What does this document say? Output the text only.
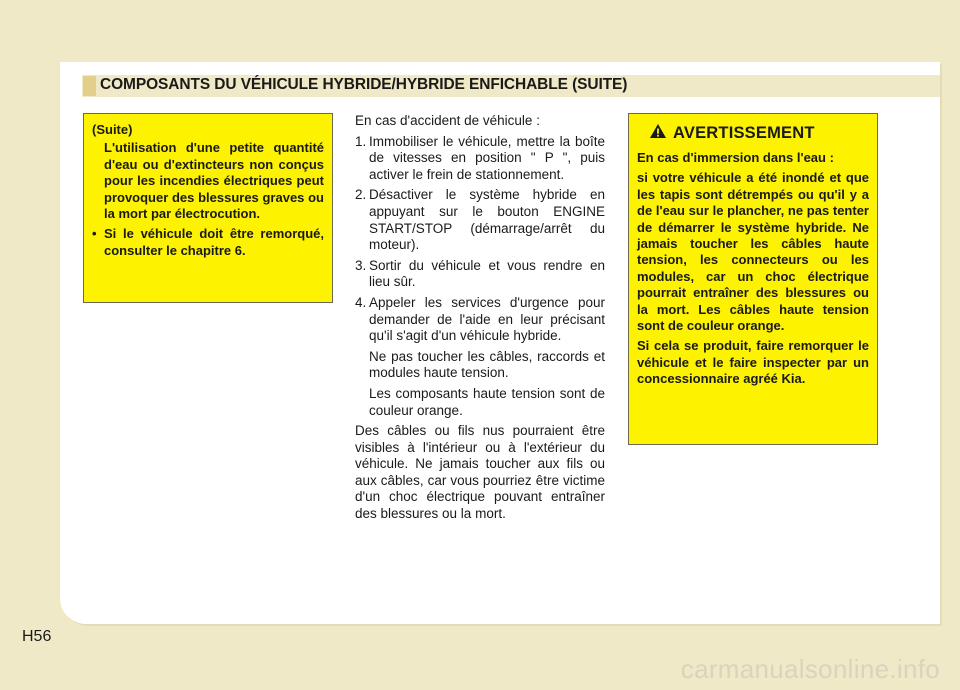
COMPOSANTS DU VÉHICULE HYBRIDE/HYBRIDE ENFICHABLE (SUITE)
(Suite)
L'utilisation d'une petite quantité d'eau ou d'extincteurs non conçus pour les incendies électriques peut provoquer des blessures graves ou la mort par électrocution.
• Si le véhicule doit être remorqué, consulter le chapitre 6.
En cas d'accident de véhicule :
1. Immobiliser le véhicule, mettre la boîte de vitesses en position " P ", puis activer le frein de stationnement.
2. Désactiver le système hybride en appuyant sur le bouton ENGINE START/STOP (démarrage/arrêt du moteur).
3. Sortir du véhicule et vous rendre en lieu sûr.
4. Appeler les services d'urgence pour demander de l'aide en leur précisant qu'il s'agit d'un véhicule hybride.
Ne pas toucher les câbles, raccords et modules haute tension.
Les composants haute tension sont de couleur orange.
Des câbles ou fils nus pourraient être visibles à l'intérieur ou à l'extérieur du véhicule. Ne jamais toucher aux fils ou aux câbles, car vous pourriez être victime d'un choc électrique pouvant entraîner des blessures ou la mort.
AVERTISSEMENT
En cas d'immersion dans l'eau :
si votre véhicule a été inondé et que les tapis sont détrempés ou qu'il y a de l'eau sur le plancher, ne pas tenter de démarrer le système hybride. Ne jamais toucher les câbles haute tension, les connecteurs ou les modules, car un choc électrique pourrait entraîner des blessures ou la mort. Les câbles haute tension sont de couleur orange.
Si cela se produit, faire remorquer le véhicule et le faire inspecter par un concessionnaire agréé Kia.
H56
carmanualsonline.info
